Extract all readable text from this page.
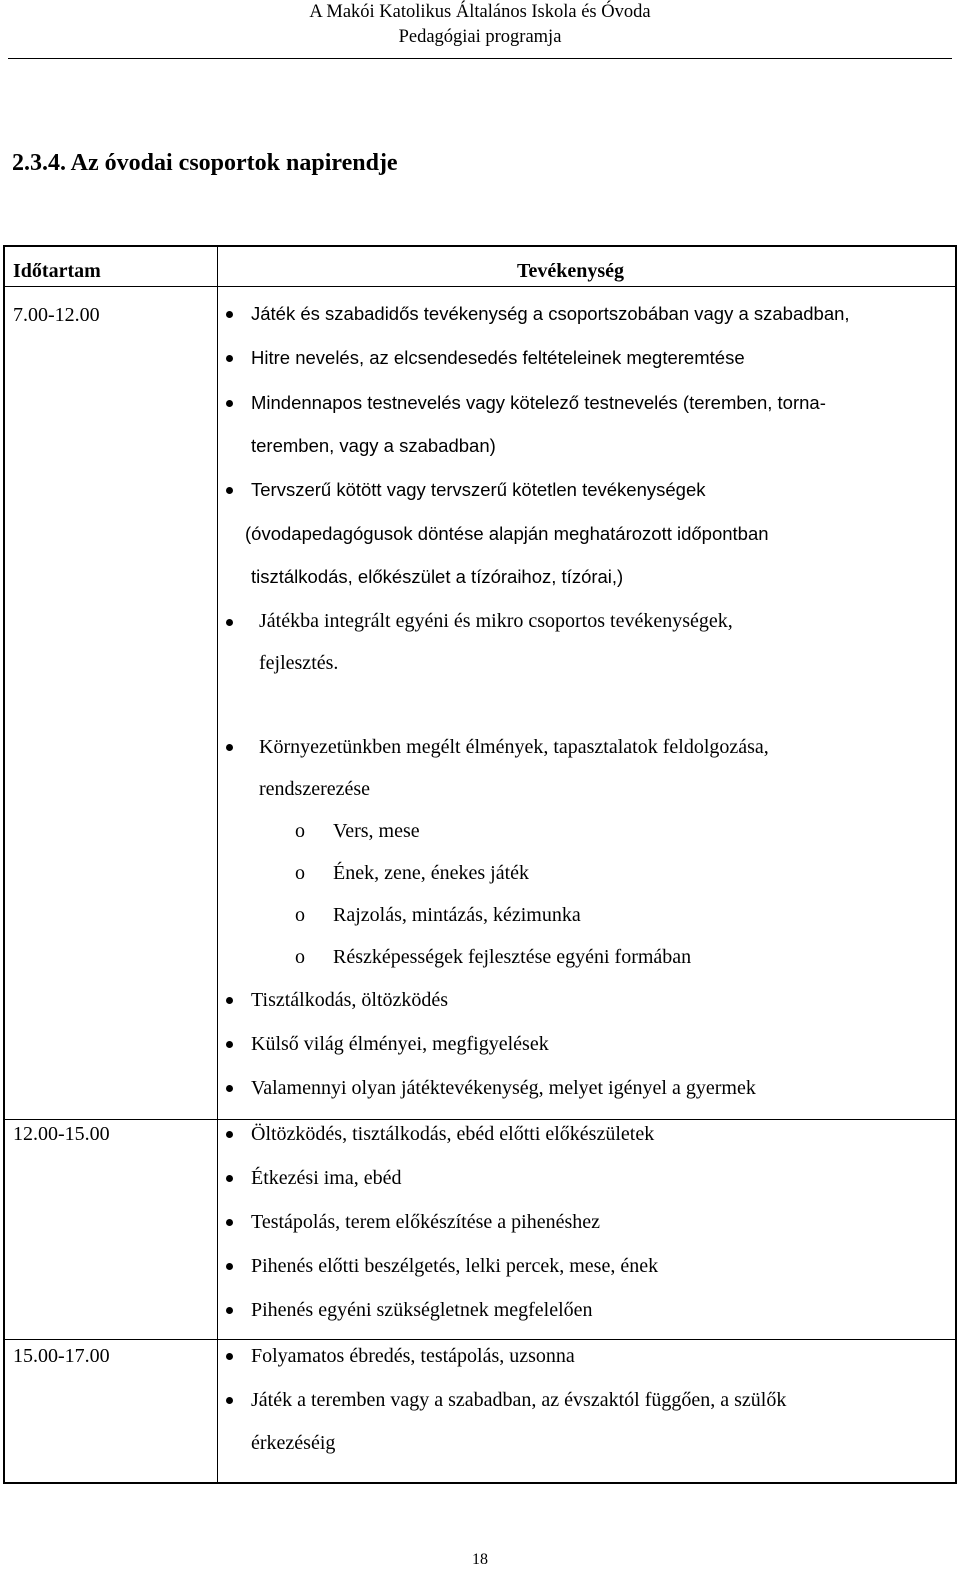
A Makói Katolikus Általános Iskola és Óvoda
Pedagógiai programja
2.3.4. Az óvodai csoportok napirendje
Időtartam	Tevékenység
7.00-12.00	Játék és szabadidős tevékenység a csoportszobában vagy a szabadban,
Hitre nevelés, az elcsendesedés feltételeinek megteremtése
Mindennapos testnevelés vagy kötelező testnevelés (teremben, torna-
teremben, vagy a szabadban)
Tervszerű kötött vagy tervszerű kötetlen tevékenységek
(óvodapedagógusok döntése alapján meghatározott időpontban
tisztálkodás, előkészület a tízóraihoz, tízórai,)
Játékba integrált egyéni és mikro csoportos tevékenységek,
fejlesztés.
Környezetünkben megélt élmények, tapasztalatok feldolgozása,
rendszerezése
o Vers, mese
o Ének, zene, énekes játék
o Rajzolás, mintázás, kézimunka
o Részképességek fejlesztése egyéni formában
Tisztálkodás, öltözködés
Külső világ élményei, megfigyelések
Valamennyi olyan játéktevékenység, melyet igényel a gyermek
12.00-15.00	Öltözködés, tisztálkodás, ebéd előtti előkészületek
Étkezési ima, ebéd
Testápolás, terem előkészítése a pihenéshez
Pihenés előtti beszélgetés, lelki percek, mese, ének
Pihenés egyéni szükségletnek megfelelően
15.00-17.00	Folyamatos ébredés, testápolás, uzsonna
Játék a teremben vagy a szabadban, az évszaktól függően, a szülők
érkezéséig
18
